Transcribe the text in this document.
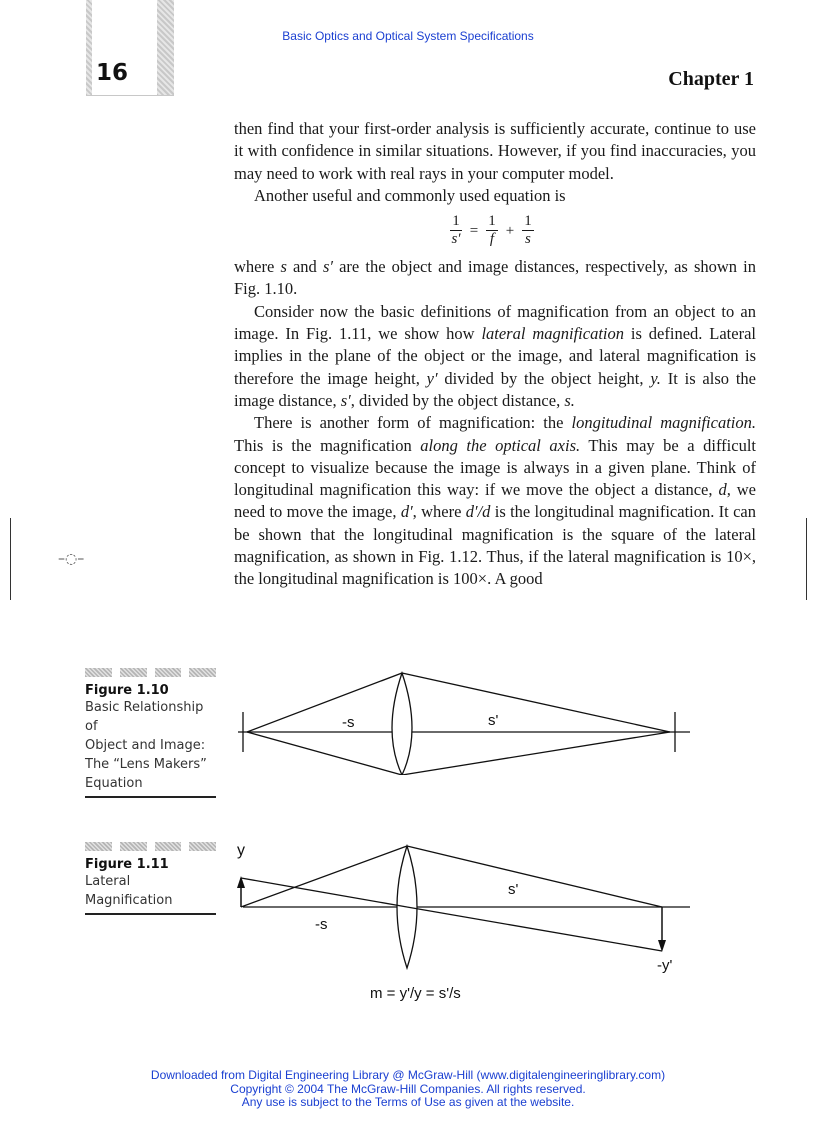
16
Basic Optics and Optical System Specifications
Chapter 1
–◌–

then find that your first-order analysis is sufficiently accurate, continue to use it with confidence in similar situations. However, if you find inaccuracies, you may need to work with real rays in your computer model.

Another useful and commonly used equation is

$\frac{1}{s'} = \frac{1}{f} + \frac{1}{s}$

where s and s′ are the object and image distances, respectively, as shown in Fig. 1.10.

Consider now the basic definitions of magnification from an object to an image. In Fig. 1.11, we show how lateral magnification is defined. Lateral implies in the plane of the object or the image, and lateral magnification is therefore the image height, y′ divided by the object height, y. It is also the image distance, s′, divided by the object distance, s.

There is another form of magnification: the longitudinal magnification. This is the magnification along the optical axis. This may be a difficult concept to visualize because the image is always in a given plane. Think of longitudinal magnification this way: if we move the object a distance, d, we need to move the image, d′, where d′/d is the longitudinal magnification. It can be shown that the longitudinal magnification is the square of the lateral magnification, as shown in Fig. 1.12. Thus, if the lateral magnification is 10×, the longitudinal magnification is 100×. A good

Figure 1.10
Basic Relationship of
Object and Image:
The “Lens Makers”
Equation
-s	s'
Figure 1.11
Lateral Magnification
y
-s
s'
-y'
m = y'/y = s'/s
Downloaded from Digital Engineering Library @ McGraw-Hill (www.digitalengineeringlibrary.com)
Copyright © 2004 The McGraw-Hill Companies. All rights reserved.
Any use is subject to the Terms of Use as given at the website.
